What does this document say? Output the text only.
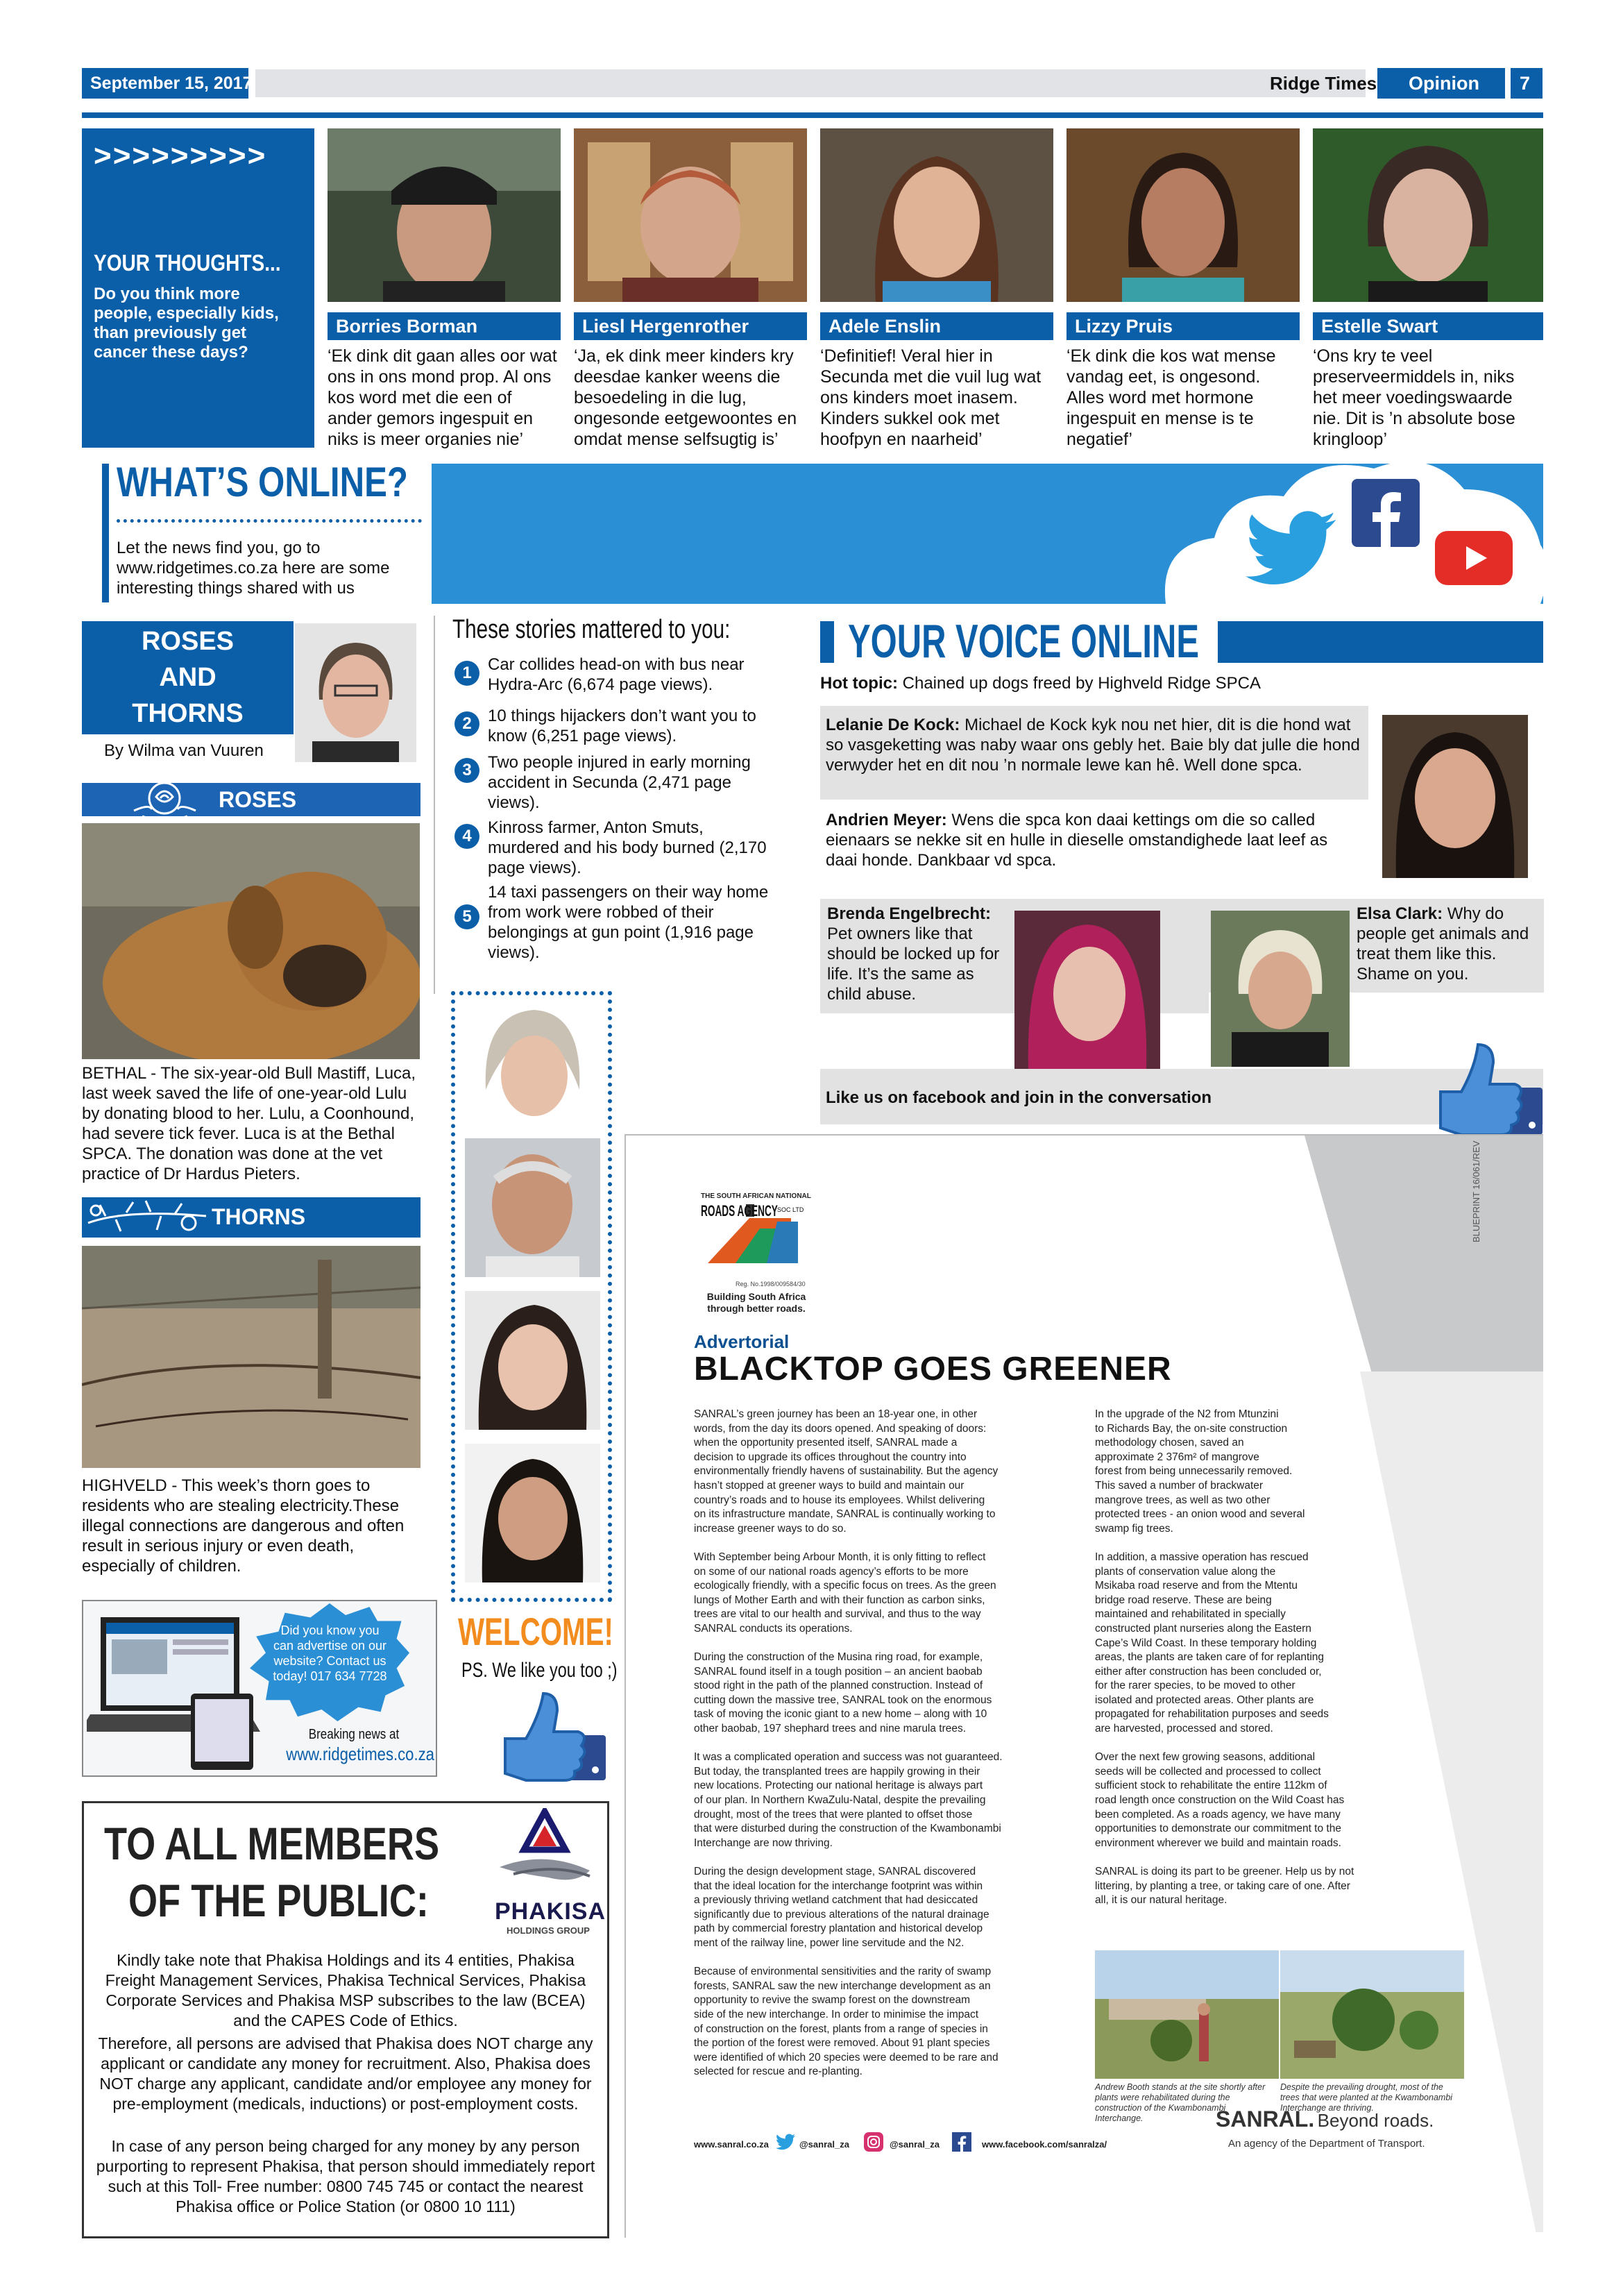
September 15, 2017	Ridge Times Opinion 7
>>>>>>>>>
YOUR THOUGHTS...
Do you think more people, especially kids, than previously get cancer these days?
Borries Borman	Liesl Hergenrother	Adele Enslin	Lizzy Pruis	Estelle Swart
‘Ek dink dit gaan alles oor wat ons in ons mond prop. Al ons kos word met die een of ander gemors ingespuit en niks is meer organies nie’
‘Ja, ek dink meer kinders kry deesdae kanker weens die besoedeling in die lug, ongesonde eetgewoontes en omdat mense selfsugtig is’
‘Definitief! Veral hier in Secunda met die vuil lug wat ons kinders moet inasem. Kinders sukkel ook met hoofpyn en naarheid’
‘Ek dink die kos wat mense vandag eet, is ongesond. Alles word met hormone ingespuit en mense is te negatief’
‘Ons kry te veel preserveermiddels in, niks het meer voedingswaarde nie. Dit is ’n absolute bose kringloop’
WHAT’S ONLINE?
Let the news find you, go to www.ridgetimes.co.za here are some interesting things shared with us
ROSES
AND
THORNS
By Wilma van Vuuren
ROSES
BETHAL - The six-year-old Bull Mastiff, Luca, last week saved the life of one-year-old Lulu by donating blood to her. Lulu, a Coonhound, had severe tick fever. Luca is at the Bethal SPCA. The donation was done at the vet practice of Dr Hardus Pieters.
THORNS
HIGHVELD - This week’s thorn goes to residents who are stealing electricity.These illegal connections are dangerous and often result in serious injury or even death, especially of children.
These stories mattered to you:
1 Car collides head-on with bus near Hydra-Arc (6,674 page views).
2 10 things hijackers don’t want you to know (6,251 page views).
3 Two people injured in early morning accident in Secunda (2,471 page views).
4 Kinross farmer, Anton Smuts, murdered and his body burned (2,170 page views).
5
14 taxi passengers on their way home from work were robbed of their belongings at gun point (1,916 page views).
WELCOME!
PS. We like you too ;)
YOUR VOICE ONLINE
Hot topic: Chained up dogs freed by Highveld Ridge SPCA
Lelanie De Kock: Michael de Kock kyk nou net hier, dit is die hond wat so vasgeketting was naby waar ons gebly het. Baie bly dat julle die hond verwyder het en dit nou ’n normale lewe kan hê. Well done spca.
Andrien Meyer: Wens die spca kon daai kettings om die so called eienaars se nekke sit en hulle in dieselle omstandighede laat leef as daai honde. Dankbaar vd spca.
Brenda Engelbrecht: Pet owners like that should be locked up for life. It’s the same as child abuse.
Elsa Clark: Why do people get animals and treat them like this. Shame on you.
Like us on facebook and join in the conversation
Did you know you can advertise on our website? Contact us today! 017 634 7728
Breaking news at
www.ridgetimes.co.za
TO ALL MEMBERS
OF THE PUBLIC:	PHAKISA
HOLDINGS GROUP
Kindly take note that Phakisa Holdings and its 4 entities, Phakisa Freight Management Services, Phakisa Technical Services, Phakisa Corporate Services and Phakisa MSP subscribes to the law (BCEA) and the CAPES Code of Ethics.
Therefore, all persons are advised that Phakisa does NOT charge any applicant or candidate any money for recruitment. Also, Phakisa does NOT charge any applicant, candidate and/or employee any money for pre-employment (medicals, inductions) or post-employment costs.
In case of any person being charged for any money by any person purporting to represent Phakisa, that person should immediately report such at this Toll- Free number: 0800 745 745 or contact the nearest Phakisa office or Police Station (or 0800 10 111)
BLUEPRINT 16/061/REV
THE SOUTH AFRICAN NATIONAL
ROADS AGENCY SOC LTD
Reg. No.1998/009584/30
Building South Africa through better roads.
Advertorial
BLACKTOP GOES GREENER
SANRAL’s green journey has been an 18-year one, in other
words, from the day its doors opened. And speaking of doors:
when the opportunity presented itself, SANRAL made a
decision to upgrade its offices throughout the country into
environmentally friendly havens of sustainability. But the agency
hasn’t stopped at greener ways to build and maintain our
country’s roads and to house its employees. Whilst delivering
on its infrastructure mandate, SANRAL is continually working to
increase greener ways to do so.

With September being Arbour Month, it is only fitting to reflect
on some of our national roads agency’s efforts to be more
ecologically friendly, with a specific focus on trees. As the green
lungs of Mother Earth and with their function as carbon sinks,
trees are vital to our health and survival, and thus to the way
SANRAL conducts its operations.

During the construction of the Musina ring road, for example,
SANRAL found itself in a tough position – an ancient baobab
stood right in the path of the planned construction. Instead of
cutting down the massive tree, SANRAL took on the enormous
task of moving the iconic giant to a new home – along with 10
other baobab, 197 shephard trees and nine marula trees.

It was a complicated operation and success was not guaranteed.
But today, the transplanted trees are happily growing in their
new locations. Protecting our national heritage is always part
of our plan. In Northern KwaZulu-Natal, despite the prevailing
drought, most of the trees that were planted to offset those
that were disturbed during the construction of the Kwambonambi
Interchange are now thriving.

During the design development stage, SANRAL discovered
that the ideal location for the interchange footprint was within
a previously thriving wetland catchment that had desiccated
significantly due to previous alterations of the natural drainage
path by commercial forestry plantation and historical develop
ment of the railway line, power line servitude and the N2.

Because of environmental sensitivities and the rarity of swamp
forests, SANRAL saw the new interchange development as an
opportunity to revive the swamp forest on the downstream
side of the new interchange. In order to minimise the impact
of construction on the forest, plants from a range of species in
the portion of the forest were removed. About 91 plant species
were identified of which 20 species were deemed to be rare and
selected for rescue and re-planting.
In the upgrade of the N2 from Mtunzini
to Richards Bay, the on-site construction
methodology chosen, saved an
approximate 2 376m² of mangrove
forest from being unnecessarily removed.
This saved a number of brackwater
mangrove trees, as well as two other
protected trees - an onion wood and several
swamp fig trees.

In addition, a massive operation has rescued
plants of conservation value along the
Msikaba road reserve and from the Mtentu
bridge road reserve. These are being
maintained and rehabilitated in specially
constructed plant nurseries along the Eastern
Cape’s Wild Coast. In these temporary holding
areas, the plants are taken care of for replanting
either after construction has been concluded or,
for the rarer species, to be moved to other
isolated and protected areas. Other plants are
propagated for rehabilitation purposes and seeds
are harvested, processed and stored.

Over the next few growing seasons, additional
seeds will be collected and processed to collect
sufficient stock to rehabilitate the entire 112km of
road length once construction on the Wild Coast has
been completed. As a roads agency, we have many
opportunities to demonstrate our commitment to the
environment wherever we build and maintain roads.

SANRAL is doing its part to be greener. Help us by not
littering, by planting a tree, or taking care of one. After
all, it is our natural heritage.
Andrew Booth stands at the site shortly after plants were rehabilitated during the construction of the Kwambonambi Interchange.
Despite the prevailing drought, most of the trees that were planted at the Kwambonambi Interchange are thriving.
SANRAL. Beyond roads.
An agency of the Department of Transport.
www.sanral.co.za	@sanral_za	@sanral_za	www.facebook.com/sanralza/
